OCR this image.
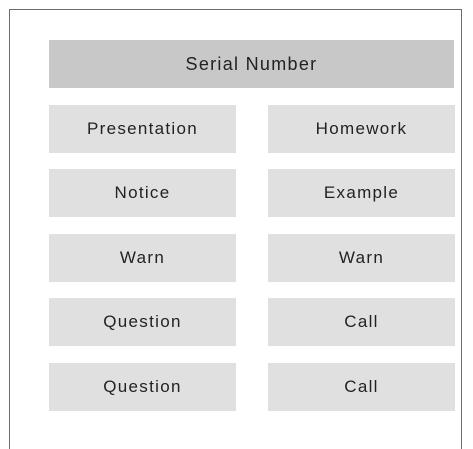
Serial Number
Presentation	Homework
Notice	Example
Warn	Warn
Question	Call
Question	Call
